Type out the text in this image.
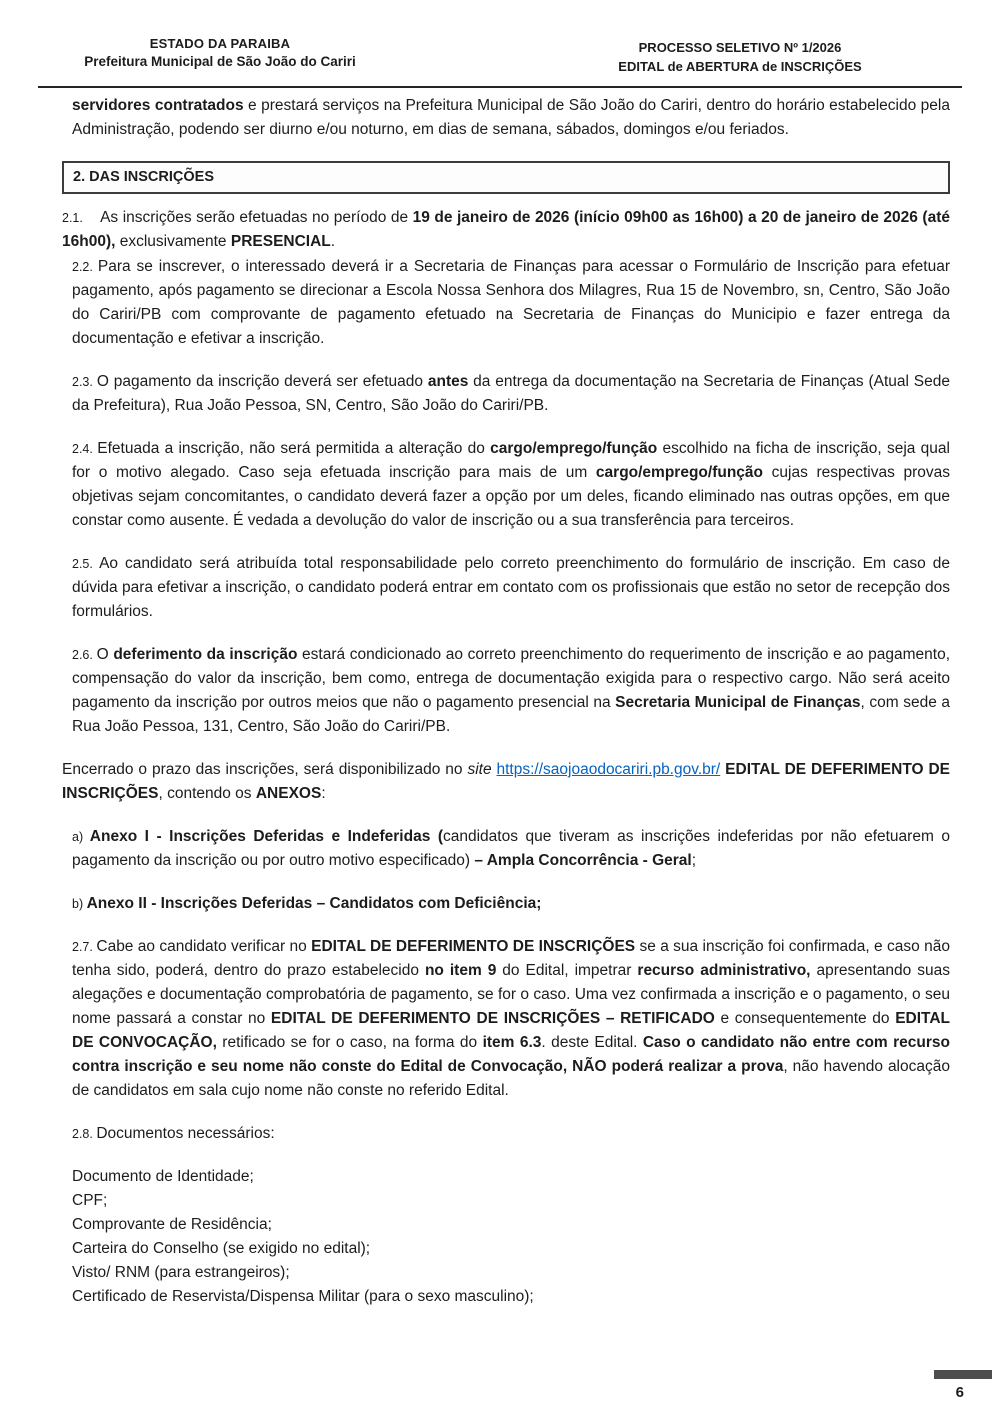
ESTADO DA PARAIBA
Prefeitura Municipal de São João do Cariri
PROCESSO SELETIVO Nº 1/2026
EDITAL de ABERTURA de INSCRIÇÕES

servidores contratados e prestará serviços na Prefeitura Municipal de São João do Cariri, dentro do horário estabelecido pela Administração, podendo ser diurno e/ou noturno, em dias de semana, sábados, domingos e/ou feriados.

2. DAS INSCRIÇÕES

2.1.    As inscrições serão efetuadas no período de 19 de janeiro de 2026 (início 09h00 as 16h00) a 20 de janeiro de 2026 (até 16h00), exclusivamente PRESENCIAL.

2.2. Para se inscrever, o interessado deverá ir a Secretaria de Finanças para acessar o Formulário de Inscrição para efetuar pagamento, após pagamento se direcionar a Escola Nossa Senhora dos Milagres, Rua 15 de Novembro, sn, Centro, São João do Cariri/PB com comprovante de pagamento efetuado na Secretaria de Finanças do Municipio e fazer entrega da documentação e efetivar a inscrição.

2.3. O pagamento da inscrição deverá ser efetuado antes da entrega da documentação na Secretaria de Finanças (Atual Sede da Prefeitura), Rua João Pessoa, SN, Centro, São João do Cariri/PB.

2.4. Efetuada a inscrição, não será permitida a alteração do cargo/emprego/função escolhido na ficha de inscrição, seja qual for o motivo alegado. Caso seja efetuada inscrição para mais de um cargo/emprego/função cujas respectivas provas objetivas sejam concomitantes, o candidato deverá fazer a opção por um deles, ficando eliminado nas outras opções, em que constar como ausente. É vedada a devolução do valor de inscrição ou a sua transferência para terceiros.

2.5. Ao candidato será atribuída total responsabilidade pelo correto preenchimento do formulário de inscrição. Em caso de dúvida para efetivar a inscrição, o candidato poderá entrar em contato com os profissionais que estão no setor de recepção dos formulários.

2.6. O deferimento da inscrição estará condicionado ao correto preenchimento do requerimento de inscrição e ao pagamento, compensação do valor da inscrição, bem como, entrega de documentação exigida para o respectivo cargo. Não será aceito pagamento da inscrição por outros meios que não o pagamento presencial na Secretaria Municipal de Finanças, com sede a Rua João Pessoa, 131, Centro, São João do Cariri/PB.

Encerrado o prazo das inscrições, será disponibilizado no site https://saojoaodocariri.pb.gov.br/ EDITAL DE DEFERIMENTO DE INSCRIÇÕES, contendo os ANEXOS:

a) Anexo I - Inscrições Deferidas e Indeferidas (candidatos que tiveram as inscrições indeferidas por não efetuarem o pagamento da inscrição ou por outro motivo especificado) – Ampla Concorrência - Geral;

b) Anexo II - Inscrições Deferidas – Candidatos com Deficiência;

2.7. Cabe ao candidato verificar no EDITAL DE DEFERIMENTO DE INSCRIÇÕES se a sua inscrição foi confirmada, e caso não tenha sido, poderá, dentro do prazo estabelecido no item 9 do Edital, impetrar recurso administrativo, apresentando suas alegações e documentação comprobatória de pagamento, se for o caso. Uma vez confirmada a inscrição e o pagamento, o seu nome passará a constar no EDITAL DE DEFERIMENTO DE INSCRIÇÕES – RETIFICADO e consequentemente do EDITAL DE CONVOCAÇÃO, retificado se for o caso, na forma do item 6.3. deste Edital. Caso o candidato não entre com recurso contra inscrição e seu nome não conste do Edital de Convocação, NÃO poderá realizar a prova, não havendo alocação de candidatos em sala cujo nome não conste no referido Edital.

2.8. Documentos necessários:

Documento de Identidade;

CPF;

Comprovante de Residência;

Carteira do Conselho (se exigido no edital);

Visto/ RNM (para estrangeiros);

Certificado de Reservista/Dispensa Militar (para o sexo masculino);

6
